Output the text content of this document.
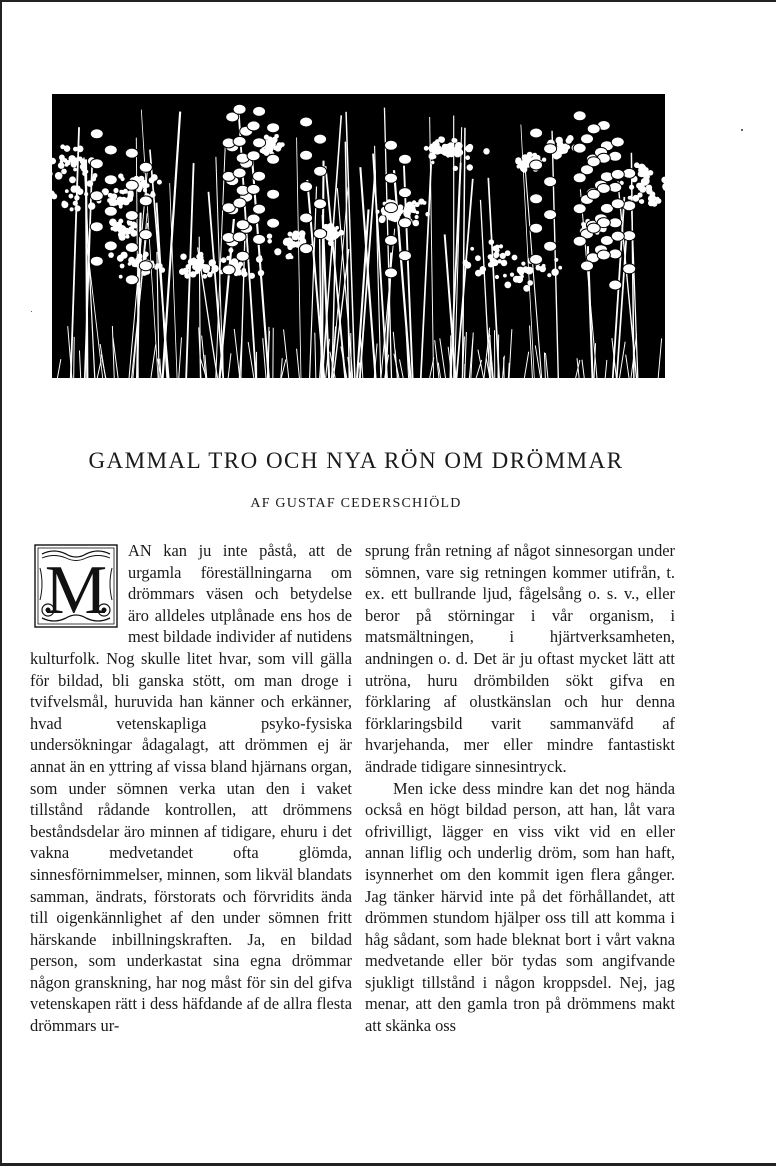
GAMMAL TRO OCH NYA RÖN OM DRÖMMAR
AF GUSTAF CEDERSCHIÖLD
M

AN kan ju inte påstå, att de urgamla föreställningarna om drömmars väsen och betydelse äro alldeles utplånade ens hos de mest bildade individer af nutidens kulturfolk. Nog skulle litet hvar, som vill gälla för bildad, bli ganska stött, om man droge i tvifvelsmål, huruvida han känner och erkänner, hvad vetenskapliga psyko-fysiska undersökningar ådagalagt, att drömmen ej är annat än en yttring af vissa bland hjärnans organ, som under sömnen verka utan den i vaket tillstånd rådande kontrollen, att drömmens beståndsdelar äro minnen af tidigare, ehuru i det vakna medvetandet ofta glömda, sinnesförnimmelser, minnen, som likväl blandats samman, ändrats, förstorats och förvridits ända till oigenkännlighet af den under sömnen fritt härskande inbillningskraften. Ja, en bildad person, som underkastat sina egna drömmar någon granskning, har nog måst för sin del gifva vetenskapen rätt i dess häfdande af de allra flesta drömmars ur-

sprung från retning af något sinnesorgan under sömnen, vare sig retningen kommer utifrån, t. ex. ett bullrande ljud, fågelsång o. s. v., eller beror på störningar i vår organism, i matsmältningen, i hjärtverksamheten, andningen o. d. Det är ju oftast mycket lätt att utröna, huru drömbilden sökt gifva en förklaring af olustkänslan och hur denna förklaringsbild varit sammanväfd af hvarjehanda, mer eller mindre fantastiskt ändrade tidigare sinnesintryck.

Men icke dess mindre kan det nog hända också en högt bildad person, att han, låt vara ofrivilligt, lägger en viss vikt vid en eller annan liflig och underlig dröm, som han haft, isynnerhet om den kommit igen flera gånger. Jag tänker härvid inte på det förhållandet, att drömmen stundom hjälper oss till att komma i håg sådant, som hade bleknat bort i vårt vakna medvetande eller bör tydas som angifvande sjukligt tillstånd i någon kroppsdel. Nej, jag menar, att den gamla tron på drömmens makt att skänka oss
